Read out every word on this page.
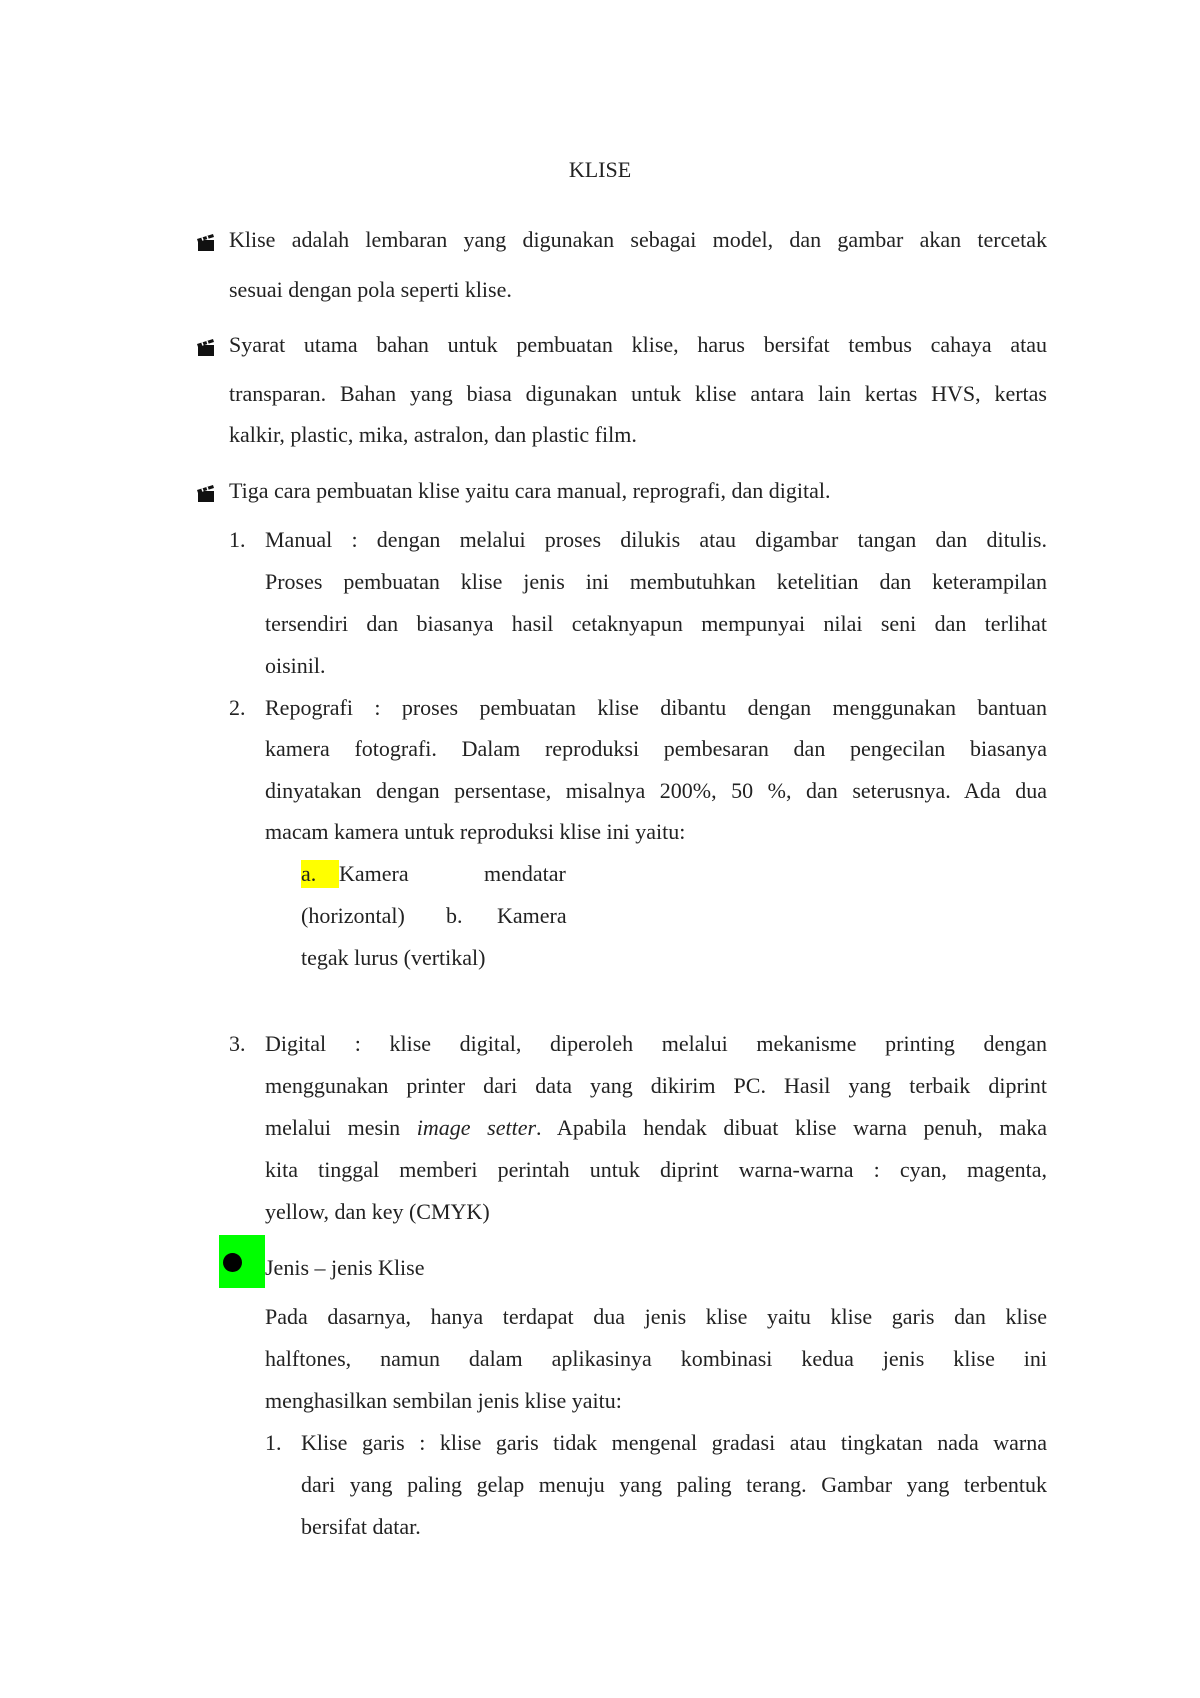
KLISE
Klise adalah lembaran yang digunakan sebagai model, dan gambar akan tercetak
sesuai dengan pola seperti klise.
Syarat utama bahan untuk pembuatan klise, harus bersifat tembus cahaya atau
transparan. Bahan yang biasa digunakan untuk klise antara lain kertas HVS, kertas
kalkir, plastic, mika, astralon, dan plastic film.
Tiga cara pembuatan klise yaitu cara manual, reprografi, dan digital.
1. Manual : dengan melalui proses dilukis atau digambar tangan dan ditulis.
Proses pembuatan klise jenis ini membutuhkan ketelitian dan keterampilan
tersendiri dan biasanya hasil cetaknyapun mempunyai nilai seni dan terlihat
oisinil.
2. Repografi : proses pembuatan klise dibantu dengan menggunakan bantuan
kamera fotografi. Dalam reproduksi pembesaran dan pengecilan biasanya
dinyatakan dengan persentase, misalnya 200%, 50 %, dan seterusnya. Ada dua
macam kamera untuk reproduksi klise ini yaitu:
a.	Kamera	mendatar
(horizontal) b. Kamera
tegak lurus (vertikal)
3. Digital : klise digital, diperoleh melalui mekanisme printing dengan
menggunakan printer dari data yang dikirim PC. Hasil yang terbaik diprint
melalui mesin image setter. Apabila hendak dibuat klise warna penuh, maka
kita tinggal memberi perintah untuk diprint warna-warna : cyan, magenta,
yellow, dan key (CMYK)
Jenis – jenis Klise
Pada dasarnya, hanya terdapat dua jenis klise yaitu klise garis dan klise
halftones, namun dalam aplikasinya kombinasi kedua jenis klise ini
menghasilkan sembilan jenis klise yaitu:
1. Klise garis : klise garis tidak mengenal gradasi atau tingkatan nada warna
dari yang paling gelap menuju yang paling terang. Gambar yang terbentuk
bersifat datar.
